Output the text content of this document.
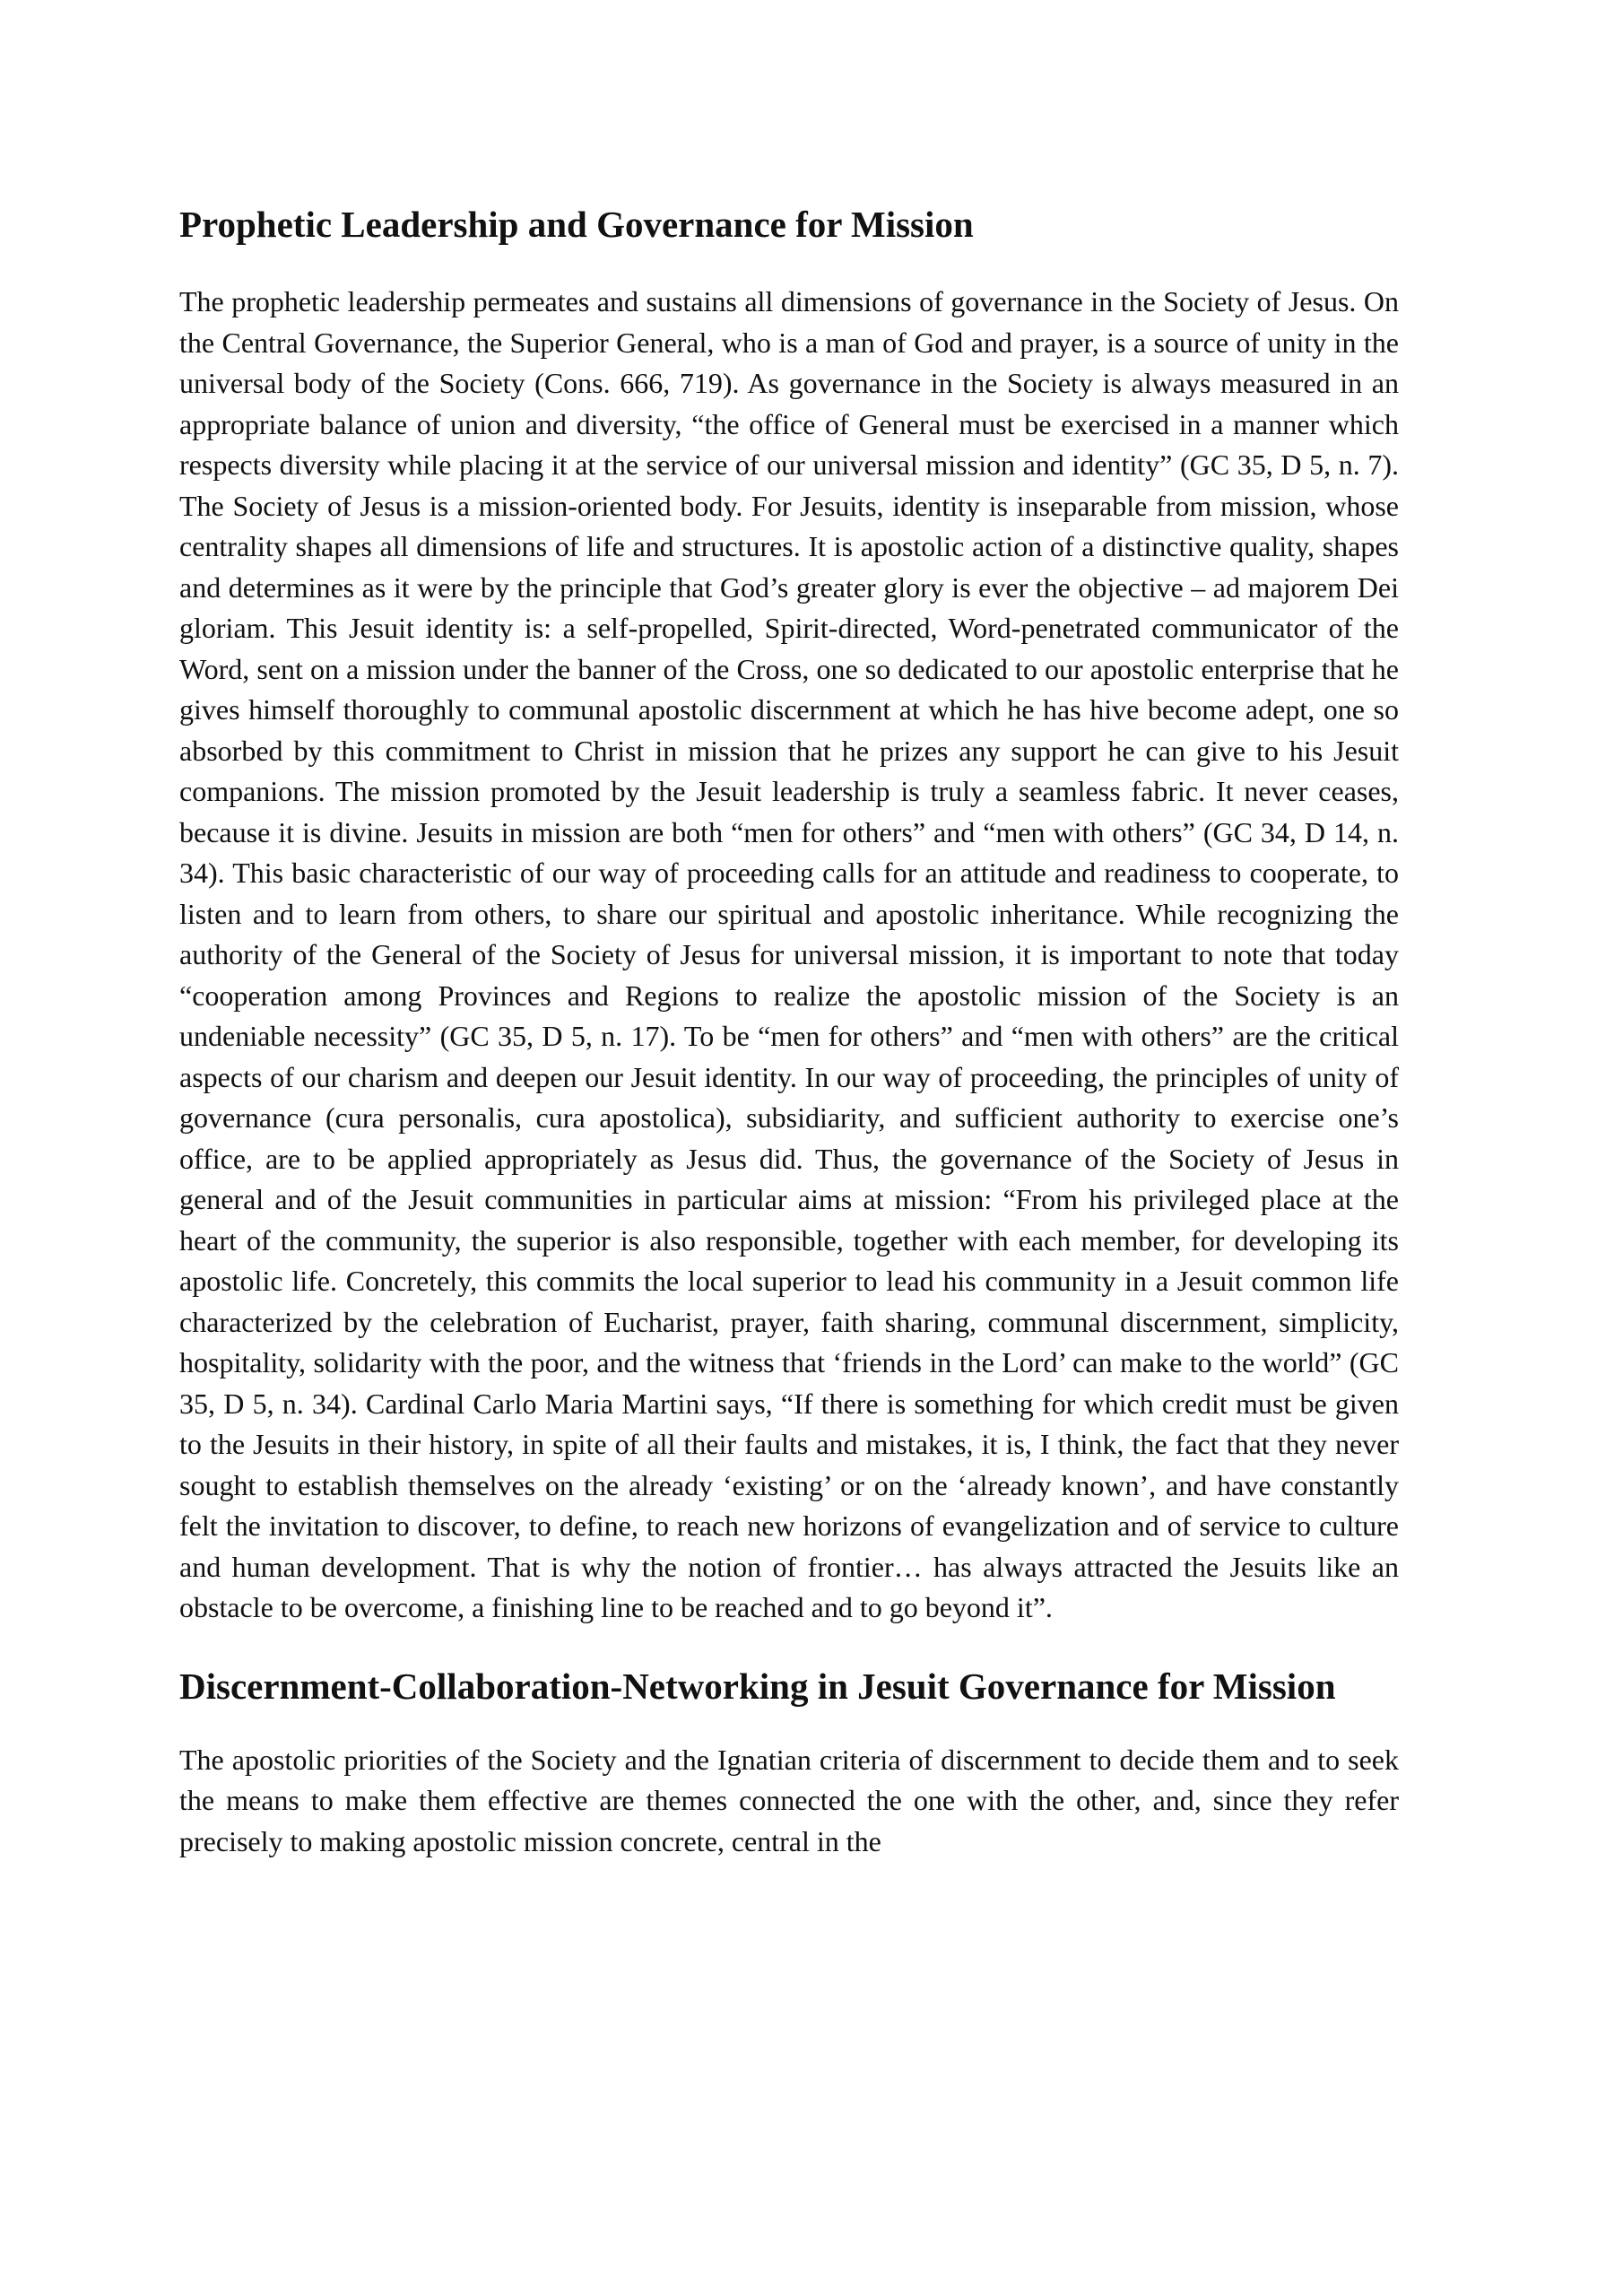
Prophetic Leadership and Governance for Mission

The prophetic leadership permeates and sustains all dimensions of governance in the Society of Jesus. On the Central Governance, the Superior General, who is a man of God and prayer, is a source of unity in the universal body of the Society (Cons. 666, 719). As governance in the Society is always measured in an appropriate balance of union and diversity, “the office of General must be exercised in a manner which respects diversity while placing it at the service of our universal mission and identity” (GC 35, D 5, n. 7). The Society of Jesus is a mission-oriented body. For Jesuits, identity is inseparable from mission, whose centrality shapes all dimensions of life and structures. It is apostolic action of a distinctive quality, shapes and determines as it were by the principle that God’s greater glory is ever the objective – ad majorem Dei gloriam. This Jesuit identity is: a self-propelled, Spirit-directed, Word-penetrated communicator of the Word, sent on a mission under the banner of the Cross, one so dedicated to our apostolic enterprise that he gives himself thoroughly to communal apostolic discernment at which he has hive become adept, one so absorbed by this commitment to Christ in mission that he prizes any support he can give to his Jesuit companions. The mission promoted by the Jesuit leadership is truly a seamless fabric. It never ceases, because it is divine. Jesuits in mission are both “men for others” and “men with others” (GC 34, D 14, n. 34). This basic characteristic of our way of proceeding calls for an attitude and readiness to cooperate, to listen and to learn from others, to share our spiritual and apostolic inheritance. While recognizing the authority of the General of the Society of Jesus for universal mission, it is important to note that today “cooperation among Provinces and Regions to realize the apostolic mission of the Society is an undeniable necessity” (GC 35, D 5, n. 17). To be “men for others” and “men with others” are the critical aspects of our charism and deepen our Jesuit identity. In our way of proceeding, the principles of unity of governance (cura personalis, cura apostolica), subsidiarity, and sufficient authority to exercise one’s office, are to be applied appropriately as Jesus did. Thus, the governance of the Society of Jesus in general and of the Jesuit communities in particular aims at mission: “From his privileged place at the heart of the community, the superior is also responsible, together with each member, for developing its apostolic life. Concretely, this commits the local superior to lead his community in a Jesuit common life characterized by the celebration of Eucharist, prayer, faith sharing, communal discernment, simplicity, hospitality, solidarity with the poor, and the witness that ‘friends in the Lord’ can make to the world” (GC 35, D 5, n. 34). Cardinal Carlo Maria Martini says, “If there is something for which credit must be given to the Jesuits in their history, in spite of all their faults and mistakes, it is, I think, the fact that they never sought to establish themselves on the already ‘existing’ or on the ‘already known’, and have constantly felt the invitation to discover, to define, to reach new horizons of evangelization and of service to culture and human development. That is why the notion of frontier… has always attracted the Jesuits like an obstacle to be overcome, a finishing line to be reached and to go beyond it”.

Discernment-Collaboration-Networking in Jesuit Governance for Mission

The apostolic priorities of the Society and the Ignatian criteria of discernment to decide them and to seek the means to make them effective are themes connected the one with the other, and, since they refer precisely to making apostolic mission concrete, central in the
